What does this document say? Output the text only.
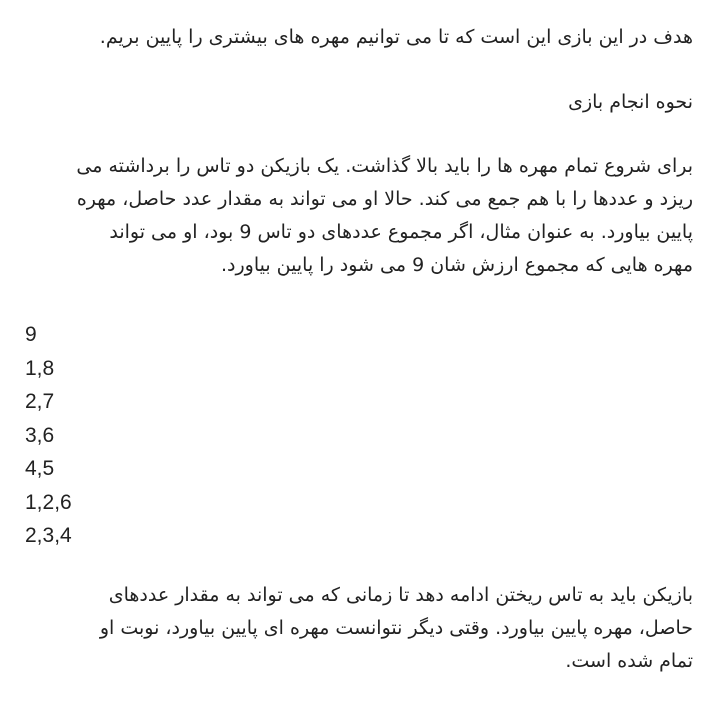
هدف در این بازی این است که تا می توانیم مهره های بیشتری را پایین بریم.
نحوه انجام بازی
برای شروع تمام مهره ها را باید بالا گذاشت. یک بازیکن دو تاس را برداشته می
ریزد و عددها را با هم جمع می کند. حالا او می تواند به مقدار عدد حاصل، مهره
پایین بیاورد. به عنوان مثال، اگر مجموع عددهای دو تاس 9 بود، او می تواند
مهره هایی که مجموع ارزش شان 9 می شود را پایین بیاورد.
9
1,8
2,7
3,6
4,5
1,2,6
2,3,4
بازیکن باید به تاس ریختن ادامه دهد تا زمانی که می تواند به مقدار عددهای
حاصل، مهره پایین بیاورد. وقتی دیگر نتوانست مهره ای پایین بیاورد، نوبت او
تمام شده است.
